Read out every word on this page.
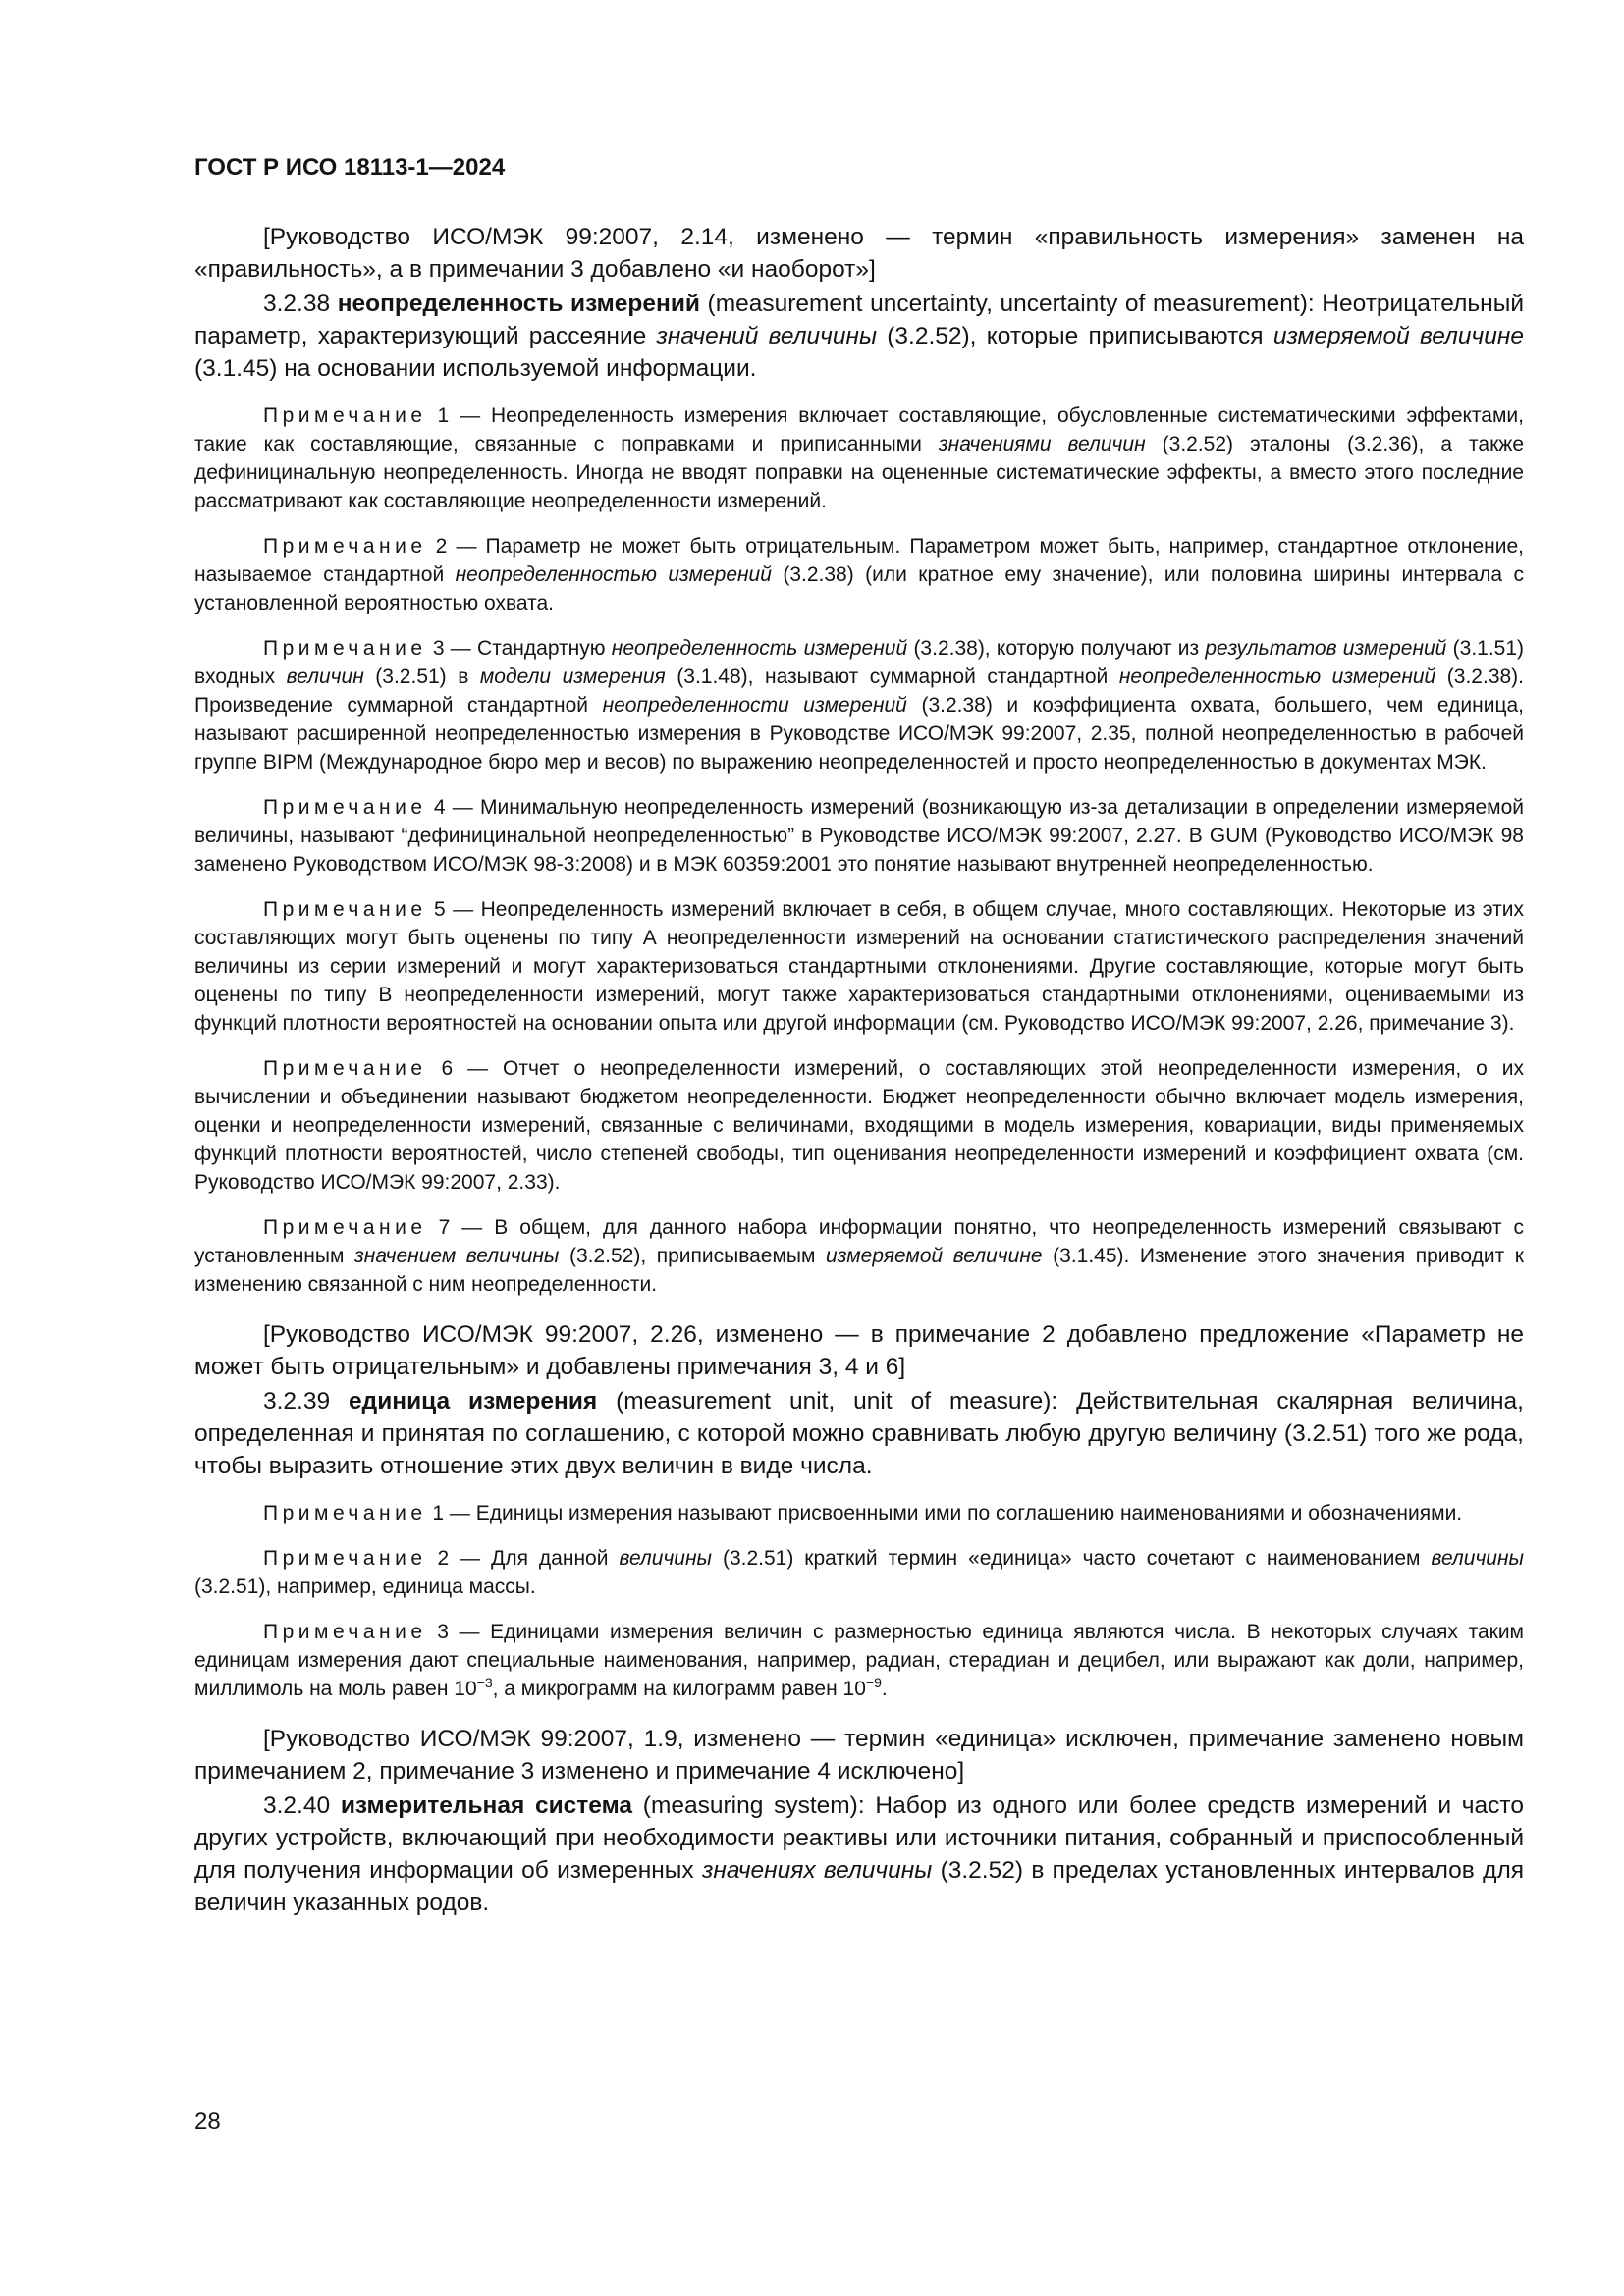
ГОСТ Р ИСО 18113-1—2024

[Руководство ИСО/МЭК 99:2007, 2.14, изменено — термин «правильность измерения» заменен на «правильность», а в примечании 3 добавлено «и наоборот»]

3.2.38 неопределенность измерений (measurement uncertainty, uncertainty of measurement): Неотрицательный параметр, характеризующий рассеяние значений величины (3.2.52), которые приписываются измеряемой величине (3.1.45) на основании используемой информации.

Примечание 1 — Неопределенность измерения включает составляющие, обусловленные систематическими эффектами, такие как составляющие, связанные с поправками и приписанными значениями величин (3.2.52) эталоны (3.2.36), а также дефиницинальную неопределенность. Иногда не вводят поправки на оцененные систематические эффекты, а вместо этого последние рассматривают как составляющие неопределенности измерений.

Примечание 2 — Параметр не может быть отрицательным. Параметром может быть, например, стандартное отклонение, называемое стандартной неопределенностью измерений (3.2.38) (или кратное ему значение), или половина ширины интервала с установленной вероятностью охвата.

Примечание 3 — Стандартную неопределенность измерений (3.2.38), которую получают из результатов измерений (3.1.51) входных величин (3.2.51) в модели измерения (3.1.48), называют суммарной стандартной неопределенностью измерений (3.2.38). Произведение суммарной стандартной неопределенности измерений (3.2.38) и коэффициента охвата, большего, чем единица, называют расширенной неопределенностью измерения в Руководстве ИСО/МЭК 99:2007, 2.35, полной неопределенностью в рабочей группе BIPM (Международное бюро мер и весов) по выражению неопределенностей и просто неопределенностью в документах МЭК.

Примечание 4 — Минимальную неопределенность измерений (возникающую из-за детализации в определении измеряемой величины, называют “дефиницинальной неопределенностью” в Руководстве ИСО/МЭК 99:2007, 2.27. В GUM (Руководство ИСО/МЭК 98 заменено Руководством ИСО/МЭК 98-3:2008) и в МЭК 60359:2001 это понятие называют внутренней неопределенностью.

Примечание 5 — Неопределенность измерений включает в себя, в общем случае, много составляющих. Некоторые из этих составляющих могут быть оценены по типу А неопределенности измерений на основании статистического распределения значений величины из серии измерений и могут характеризоваться стандартными отклонениями. Другие составляющие, которые могут быть оценены по типу В неопределенности измерений, могут также характеризоваться стандартными отклонениями, оцениваемыми из функций плотности вероятностей на основании опыта или другой информации (см. Руководство ИСО/МЭК 99:2007, 2.26, примечание 3).

Примечание 6 — Отчет о неопределенности измерений, о составляющих этой неопределенности измерения, о их вычислении и объединении называют бюджетом неопределенности. Бюджет неопределенности обычно включает модель измерения, оценки и неопределенности измерений, связанные с величинами, входящими в модель измерения, ковариации, виды применяемых функций плотности вероятностей, число степеней свободы, тип оценивания неопределенности измерений и коэффициент охвата (см. Руководство ИСО/МЭК 99:2007, 2.33).

Примечание 7 — В общем, для данного набора информации понятно, что неопределенность измерений связывают с установленным значением величины (3.2.52), приписываемым измеряемой величине (3.1.45). Изменение этого значения приводит к изменению связанной с ним неопределенности.

[Руководство ИСО/МЭК 99:2007, 2.26, изменено — в примечание 2 добавлено предложение «Параметр не может быть отрицательным» и добавлены примечания 3, 4 и 6]

3.2.39 единица измерения (measurement unit, unit of measure): Действительная скалярная величина, определенная и принятая по соглашению, с которой можно сравнивать любую другую величину (3.2.51) того же рода, чтобы выразить отношение этих двух величин в виде числа.

Примечание 1 — Единицы измерения называют присвоенными ими по соглашению наименованиями и обозначениями.

Примечание 2 — Для данной величины (3.2.51) краткий термин «единица» часто сочетают с наименованием величины (3.2.51), например, единица массы.

Примечание 3 — Единицами измерения величин с размерностью единица являются числа. В некоторых случаях таким единицам измерения дают специальные наименования, например, радиан, стерадиан и децибел, или выражают как доли, например, миллимоль на моль равен $10^{-3}$, а микрограмм на килограмм равен $10^{-9}$.

[Руководство ИСО/МЭК 99:2007, 1.9, изменено — термин «единица» исключен, примечание заменено новым примечанием 2, примечание 3 изменено и примечание 4 исключено]

3.2.40 измерительная система (measuring system): Набор из одного или более средств измерений и часто других устройств, включающий при необходимости реактивы или источники питания, собранный и приспособленный для получения информации об измеренных значениях величины (3.2.52) в пределах установленных интервалов для величин указанных родов.

28
